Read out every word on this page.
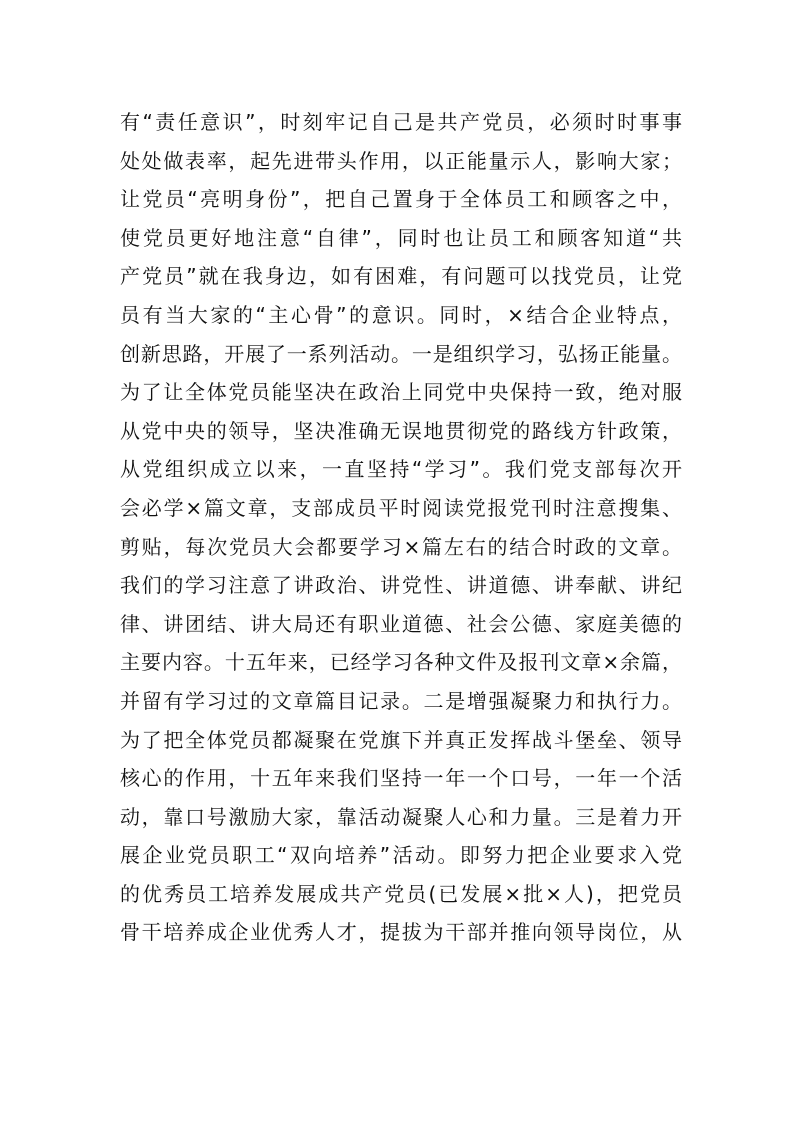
有“责任意识”，时刻牢记自己是共产党员，必须时时事事
处处做表率，起先进带头作用，以正能量示人，影响大家；
让党员“亮明身份”，把自己置身于全体员工和顾客之中，
使党员更好地注意“自律”，同时也让员工和顾客知道“共
产党员”就在我身边，如有困难，有问题可以找党员，让党
员有当大家的“主心骨”的意识。同时，×结合企业特点，
创新思路，开展了一系列活动。一是组织学习，弘扬正能量。
为了让全体党员能坚决在政治上同党中央保持一致，绝对服
从党中央的领导，坚决准确无误地贯彻党的路线方针政策，
从党组织成立以来，一直坚持“学习”。我们党支部每次开
会必学×篇文章，支部成员平时阅读党报党刊时注意搜集、
剪贴，每次党员大会都要学习×篇左右的结合时政的文章。
我们的学习注意了讲政治、讲党性、讲道德、讲奉献、讲纪
律、讲团结、讲大局还有职业道德、社会公德、家庭美德的
主要内容。十五年来，已经学习各种文件及报刊文章×余篇，
并留有学习过的文章篇目记录。二是增强凝聚力和执行力。
为了把全体党员都凝聚在党旗下并真正发挥战斗堡垒、领导
核心的作用，十五年来我们坚持一年一个口号，一年一个活
动，靠口号激励大家，靠活动凝聚人心和力量。三是着力开
展企业党员职工“双向培养”活动。即努力把企业要求入党
的优秀员工培养发展成共产党员(已发展×批×人)，把党员
骨干培养成企业优秀人才，提拔为干部并推向领导岗位，从
